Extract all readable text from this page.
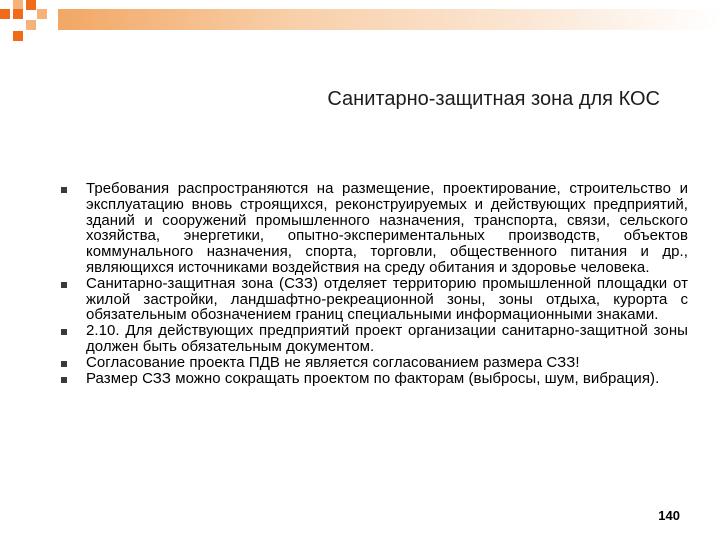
Санитарно-защитная зона для КОС
Требования распространяются на размещение, проектирование, строительство и эксплуатацию вновь строящихся, реконструируемых и действующих предприятий, зданий и сооружений промышленного назначения, транспорта, связи, сельского хозяйства, энергетики, опытно-экспериментальных производств, объектов коммунального назначения, спорта, торговли, общественного питания и др., являющихся источниками воздействия на среду обитания и здоровье человека.
Санитарно-защитная зона (СЗЗ) отделяет территорию промышленной площадки от жилой застройки, ландшафтно-рекреационной зоны, зоны отдыха, курорта с обязательным обозначением границ специальными информационными знаками.
2.10. Для действующих предприятий проект организации санитарно-защитной зоны должен быть обязательным документом.
Согласование проекта ПДВ не является согласованием размера СЗЗ!
Размер СЗЗ можно сокращать проектом по факторам (выбросы, шум, вибрация).
140
